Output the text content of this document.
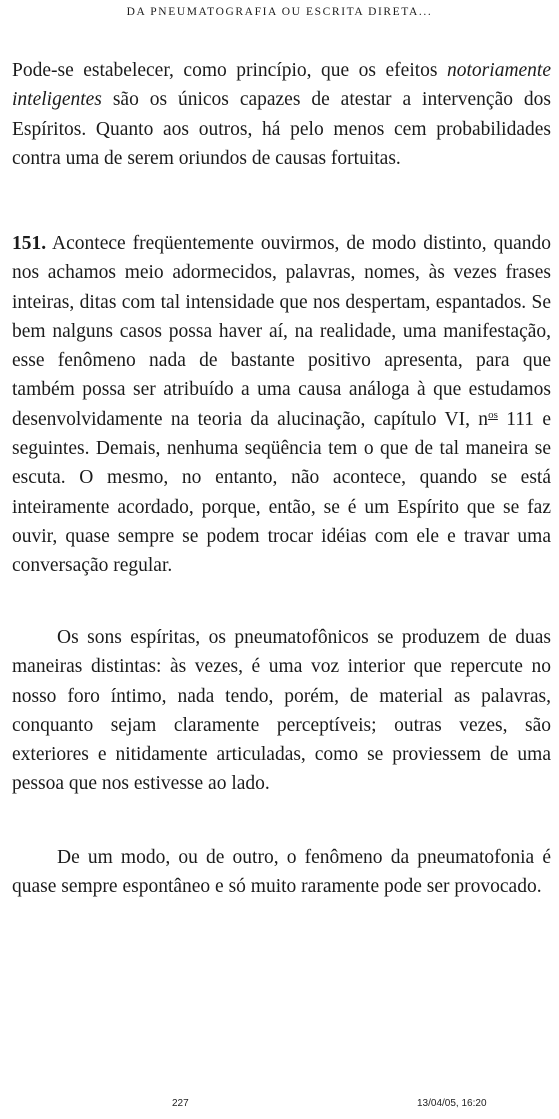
DA PNEUMATOGRAFIA OU ESCRITA DIRETA...

Pode-se estabelecer, como princípio, que os efeitos notoriamente inteligentes são os únicos capazes de atestar a intervenção dos Espíritos. Quanto aos outros, há pelo menos cem probabilidades contra uma de serem oriundos de causas fortuitas.

151. Acontece freqüentemente ouvirmos, de modo distinto, quando nos achamos meio adormecidos, palavras, nomes, às vezes frases inteiras, ditas com tal intensidade que nos despertam, espantados. Se bem nalguns casos possa haver aí, na realidade, uma manifestação, esse fenômeno nada de bastante positivo apresenta, para que também possa ser atribuído a uma causa análoga à que estudamos desenvolvidamente na teoria da alucinação, capítulo VI, $n^{os}$ 111 e seguintes. Demais, nenhuma seqüência tem o que de tal maneira se escuta. O mesmo, no entanto, não acontece, quando se está inteiramente acordado, porque, então, se é um Espírito que se faz ouvir, quase sempre se podem trocar idéias com ele e travar uma conversação regular.

Os sons espíritas, os pneumatofônicos se produzem de duas maneiras distintas: às vezes, é uma voz interior que repercute no nosso foro íntimo, nada tendo, porém, de material as palavras, conquanto sejam claramente perceptíveis; outras vezes, são exteriores e nitidamente articuladas, como se proviessem de uma pessoa que nos estivesse ao lado.

De um modo, ou de outro, o fenômeno da pneumatofonia é quase sempre espontâneo e só muito raramente pode ser provocado.

227	13/04/05, 16:20
